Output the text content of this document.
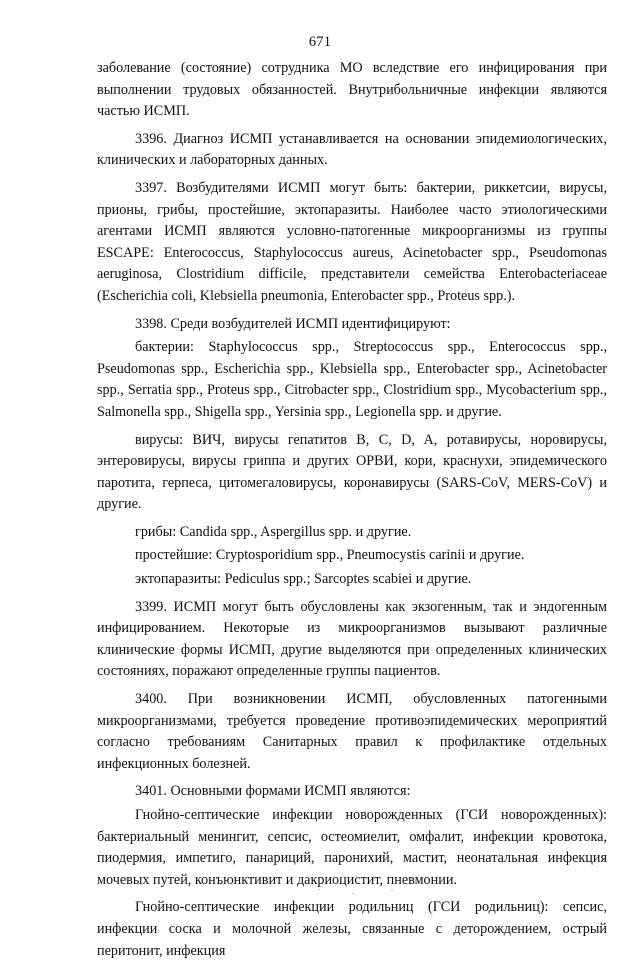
671

заболевание (состояние) сотрудника МО вследствие его инфицирования при выполнении трудовых обязанностей. Внутрибольничные инфекции являются частью ИСМП.

3396. Диагноз ИСМП устанавливается на основании эпидемиологических, клинических и лабораторных данных.

3397. Возбудителями ИСМП могут быть: бактерии, риккетсии, вирусы, прионы, грибы, простейшие, эктопаразиты. Наиболее часто этиологическими агентами ИСМП являются условно-патогенные микроорганизмы из группы ESCAPE: Enterococcus, Staphylococcus aureus, Acinetobacter spp., Pseudomonas aeruginosa, Clostridium difficile, представители семейства Enterobacteriaceae (Escherichia coli, Klebsiella pneumonia, Enterobacter spp., Proteus spp.).

3398. Среди возбудителей ИСМП идентифицируют:

бактерии: Staphylococcus spp., Streptococcus spp., Enterococcus spp., Pseudomonas spp., Escherichia spp., Klebsiella spp., Enterobacter spp., Acinetobacter spp., Serratia spp., Proteus spp., Citrobacter spp., Clostridium spp., Mycobacterium spp., Salmonella spp., Shigella spp., Yersinia spp., Legionella spp. и другие.

вирусы: ВИЧ, вирусы гепатитов B, C, D, A, ротавирусы, норовирусы, энтеровирусы, вирусы гриппа и других ОРВИ, кори, краснухи, эпидемического паротита, герпеса, цитомегаловирусы, коронавирусы (SARS-CoV, MERS-CoV) и другие.

грибы: Candida spp., Aspergillus spp. и другие.

простейшие: Cryptosporidium spp., Pneumocystis carinii и другие.

эктопаразиты: Pediculus spp.; Sarcoptes scabiei и другие.

3399. ИСМП могут быть обусловлены как экзогенным, так и эндогенным инфицированием. Некоторые из микроорганизмов вызывают различные клинические формы ИСМП, другие выделяются при определенных клинических состояниях, поражают определенные группы пациентов.

3400. При возникновении ИСМП, обусловленных патогенными микроорганизмами, требуется проведение противоэпидемических мероприятий согласно требованиям Санитарных правил к профилактике отдельных инфекционных болезней.

3401. Основными формами ИСМП являются:

Гнойно-септические инфекции новорожденных (ГСИ новорожденных): бактериальный менингит, сепсис, остеомиелит, омфалит, инфекции кровотока, пиодермия, импетиго, панариций, паронихий, мастит, неонатальная инфекция мочевых путей, конъюнктивит и дакриоцистит, пневмонии.

Гнойно-септические инфекции родильниц (ГСИ родильниц): сепсис, инфекции соска и молочной железы, связанные с деторождением, острый перитонит, инфекция
